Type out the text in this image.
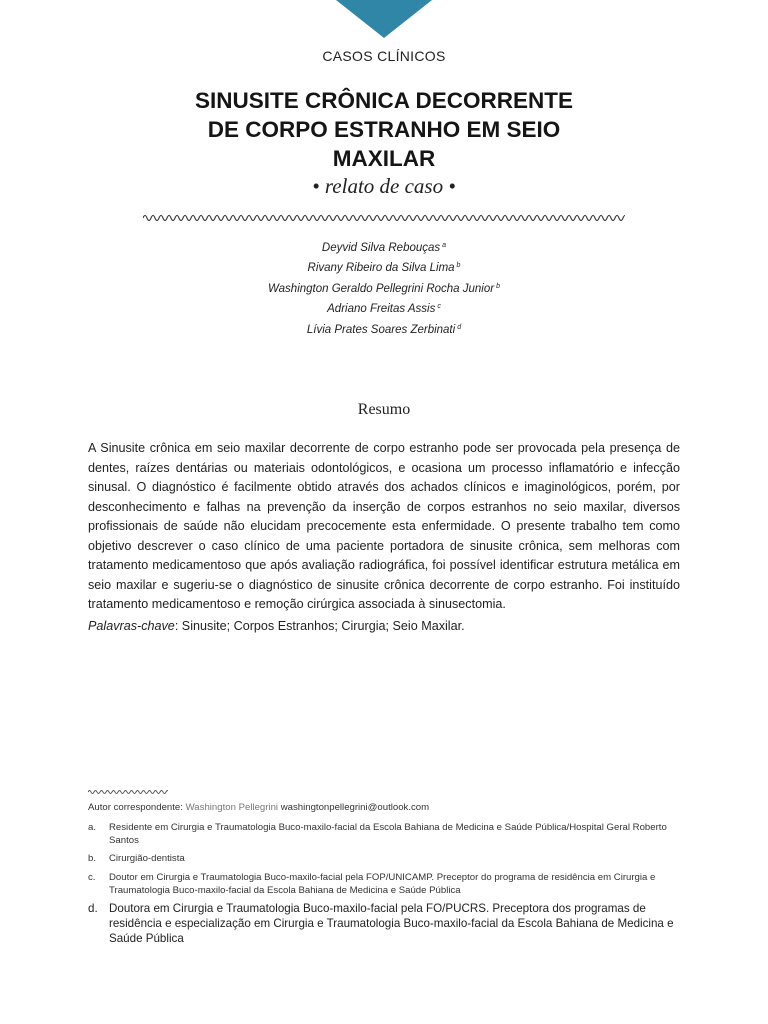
CASOS CLÍNICOS
SINUSITE CRÔNICA DECORRENTE
DE CORPO ESTRANHO EM SEIO
MAXILAR
• relato de caso •
Deyvid Silva Rebouças $^a$
Rivany Ribeiro da Silva Lima $^b$
Washington Geraldo Pellegrini Rocha Junior $^b$
Adriano Freitas Assis $^c$
Lívia Prates Soares Zerbinati $^d$
Resumo

A Sinusite crônica em seio maxilar decorrente de corpo estranho pode ser provocada pela presença de dentes, raízes dentárias ou materiais odontológicos, e ocasiona um processo inflamatório e infecção sinusal. O diagnóstico é facilmente obtido através dos achados clínicos e imaginológicos, porém, por desconhecimento e falhas na prevenção da inserção de corpos estranhos no seio maxilar, diversos profissionais de saúde não elucidam precocemente esta enfermidade. O presente trabalho tem como objetivo descrever o caso clínico de uma paciente portadora de sinusite crônica, sem melhoras com tratamento medicamentoso que após avaliação radiográfica, foi possível identificar estrutura metálica em seio maxilar e sugeriu-se o diagnóstico de sinusite crônica decorrente de corpo estranho. Foi instituído tratamento medicamentoso e remoção cirúrgica associada à sinusectomia.

Palavras-chave: Sinusite; Corpos Estranhos; Cirurgia; Seio Maxilar.

Autor correspondente: Washington Pellegrini washingtonpellegrini@outlook.com
a.	Residente em Cirurgia e Traumatologia Buco-maxilo-facial da Escola Bahiana de Medicina e Saúde Pública/Hospital Geral Roberto Santos
b.	Cirurgião-dentista
c.	Doutor em Cirurgia e Traumatologia Buco-maxilo-facial pela FOP/UNICAMP. Preceptor do programa de residência em Cirurgia e Traumatologia Buco-maxilo-facial da Escola Bahiana de Medicina e Saúde Pública
d. Doutora em Cirurgia e Traumatologia Buco-maxilo-facial pela FO/PUCRS. Preceptora dos programas de residência e especialização em Cirurgia e Traumatologia Buco-maxilo-facial da Escola Bahiana de Medicina e Saúde Pública
